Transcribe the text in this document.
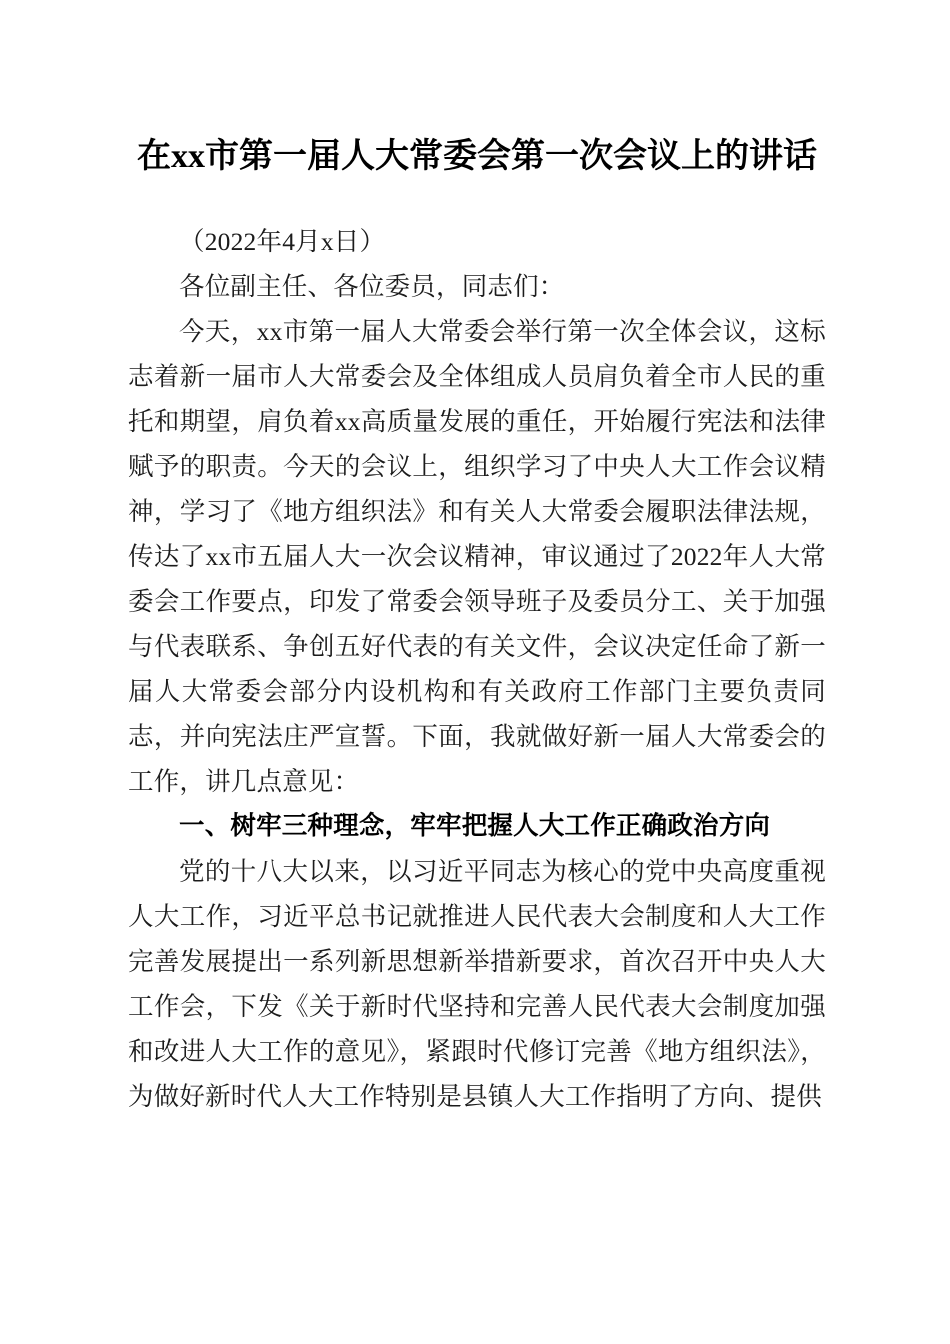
在xx市第一届人大常委会第一次会议上的讲话

（2022年4月x日）

各位副主任、各位委员，同志们：

今天，xx市第一届人大常委会举行第一次全体会议，这标志着新一届市人大常委会及全体组成人员肩负着全市人民的重托和期望，肩负着xx高质量发展的重任，开始履行宪法和法律赋予的职责。今天的会议上，组织学习了中央人大工作会议精神，学习了《地方组织法》和有关人大常委会履职法律法规，传达了xx市五届人大一次会议精神，审议通过了2022年人大常委会工作要点，印发了常委会领导班子及委员分工、关于加强与代表联系、争创五好代表的有关文件，会议决定任命了新一届人大常委会部分内设机构和有关政府工作部门主要负责同志，并向宪法庄严宣誓。下面，我就做好新一届人大常委会的工作，讲几点意见：

一、树牢三种理念，牢牢把握人大工作正确政治方向

党的十八大以来，以习近平同志为核心的党中央高度重视人大工作，习近平总书记就推进人民代表大会制度和人大工作完善发展提出一系列新思想新举措新要求，首次召开中央人大工作会，下发《关于新时代坚持和完善人民代表大会制度加强和改进人大工作的意见》，紧跟时代修订完善《地方组织法》，为做好新时代人大工作特别是县镇人大工作指明了方向、提供
